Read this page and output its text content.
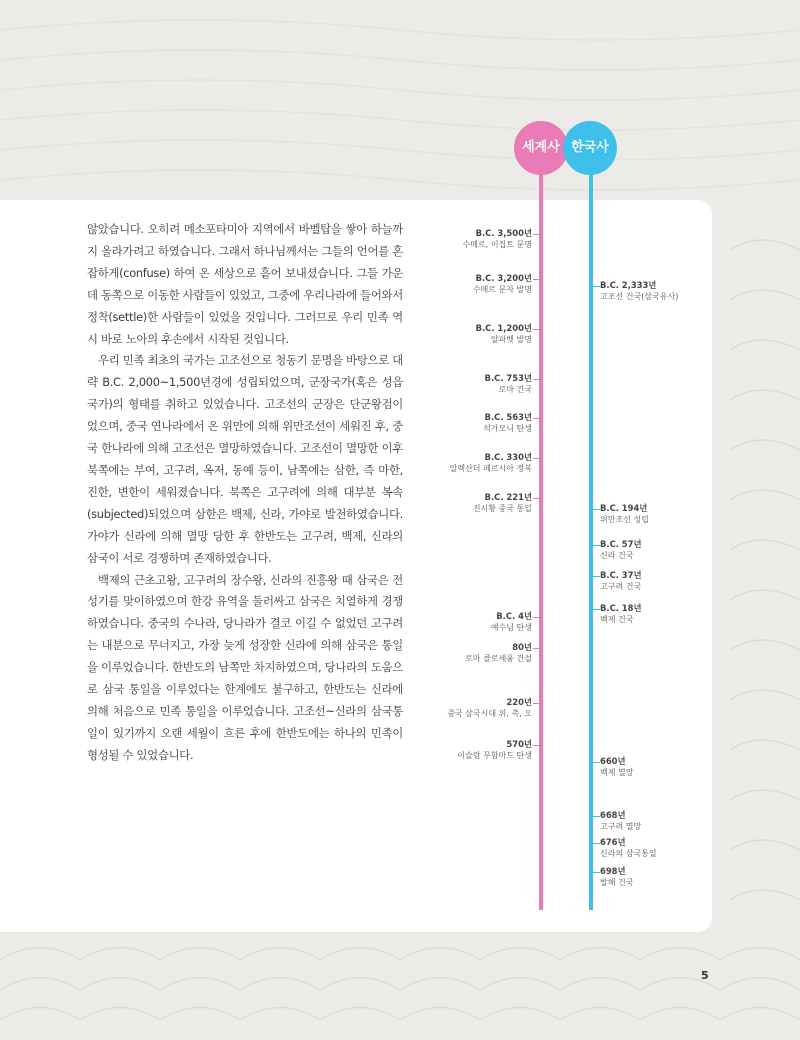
않았습니다. 오히려 메소포타미아 지역에서 바벨탑을 쌓아 하늘까지 올라가려고 하였습니다. 그래서 하나님께서는 그들의 언어를 혼잡하게(confuse) 하여 온 세상으로 흩어 보내셨습니다. 그들 가운데 동쪽으로 이동한 사람들이 있었고, 그중에 우리나라에 들어와서 정착(settle)한 사람들이 있었을 것입니다. 그러므로 우리 민족 역시 바로 노아의 후손에서 시작된 것입니다.

우리 민족 최초의 국가는 고조선으로 청동기 문명을 바탕으로 대략 B.C. 2,000~1,500년경에 성립되었으며, 군장국가(혹은 성읍국가)의 형태를 취하고 있었습니다. 고조선의 군장은 단군왕검이었으며, 중국 연나라에서 온 위만에 의해 위만조선이 세워진 후, 중국 한나라에 의해 고조선은 멸망하였습니다. 고조선이 멸망한 이후 북쪽에는 부여, 고구려, 옥저, 동예 등이, 남쪽에는 삼한, 즉 마한, 진한, 변한이 세워졌습니다. 북쪽은 고구려에 의해 대부분 복속(subjected)되었으며 삼한은 백제, 신라, 가야로 발전하였습니다. 가야가 신라에 의해 멸망 당한 후 한반도는 고구려, 백제, 신라의 삼국이 서로 경쟁하며 존재하였습니다.

백제의 근초고왕, 고구려의 장수왕, 신라의 진흥왕 때 삼국은 전성기를 맞이하였으며 한강 유역을 둘러싸고 삼국은 치열하게 경쟁하였습니다. 중국의 수나라, 당나라가 결코 이길 수 없었던 고구려는 내분으로 무너지고, 가장 늦게 성장한 신라에 의해 삼국은 통일을 이루었습니다. 한반도의 남쪽만 차지하였으며, 당나라의 도움으로 삼국 통일을 이루었다는 한계에도 불구하고, 한반도는 신라에 의해 처음으로 민족 통일을 이루었습니다. 고조선~신라의 삼국통일이 있기까지 오랜 세월이 흐른 후에 한반도에는 하나의 민족이 형성될 수 있었습니다.

세계사 한국사
B.C. 3,500년
수메르, 이집트 문명
B.C. 3,200년
수메르 문자 발명
B.C. 1,200년
알파벳 발명
B.C. 753년
로마 건국
B.C. 563년
석가모니 탄생
B.C. 330년
알렉산더 페르시아 정복
B.C. 221년
진시황 중국 통일
B.C. 4년
예수님 탄생
80년
로마 콜로세움 건설
220년
중국 삼국시대 위, 촉, 오
570년
이슬람 무함마드 탄생
B.C. 2,333년
고조선 건국(삼국유사)
B.C. 194년
위만조선 성립
B.C. 57년
신라 건국
B.C. 37년
고구려 건국
B.C. 18년
백제 건국
660년
백제 멸망
668년
고구려 멸망
676년
신라의 삼국통일
698년
발해 건국
5
